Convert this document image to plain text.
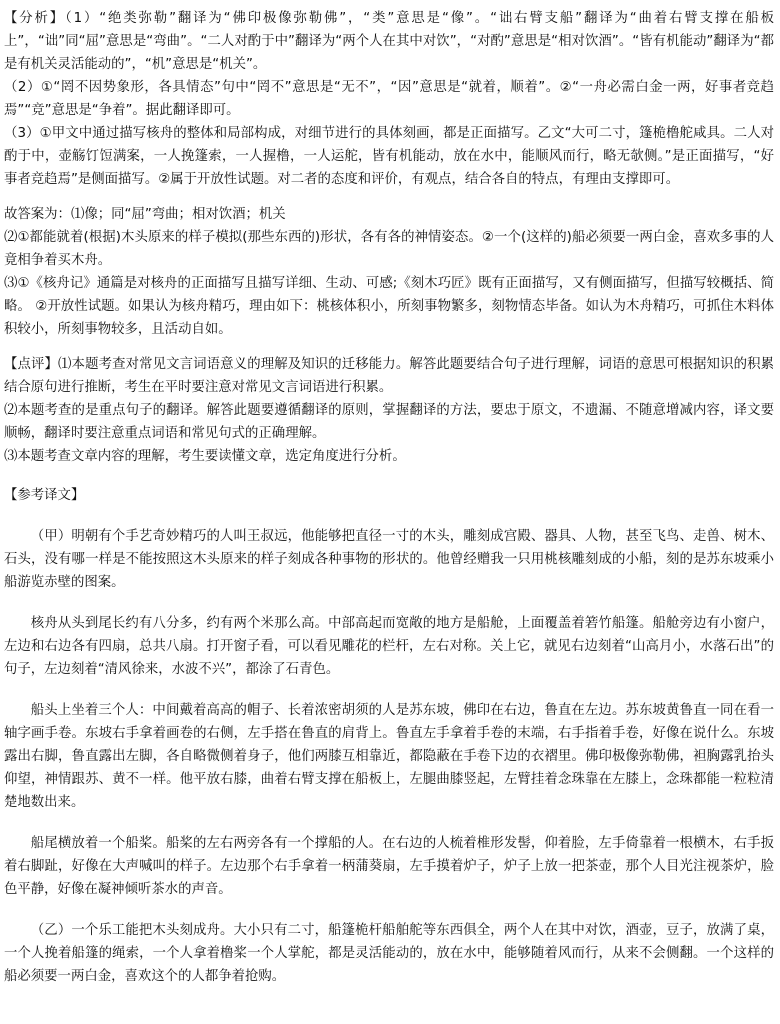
【分析】（1）“绝类弥勒”翻译为“佛印极像弥勒佛”，“类”意思是“像”。“诎右臂支船”翻译为“曲着右臂支撑在船板上”，“诎”同“屈”意思是“弯曲”。“二人对酌于中”翻译为“两个人在其中对饮”，“对酌”意思是“相对饮酒”。“皆有机能动”翻译为“都是有机关灵活能动的”，“机”意思是“机关”。

（2）①“罔不因势象形，各具情态”句中“罔不”意思是“无不”，“因”意思是“就着，顺着”。②“一舟必需白金一两，好事者竞趋焉”“竞”意思是“争着”。据此翻译即可。

（3）①甲文中通过描写核舟的整体和局部构成，对细节进行的具体刻画，都是正面描写。乙文“大可二寸，篷桅橹舵咸具。二人对酌于中，壶觞饤饾满案，一人挽篷索，一人握橹，一人运舵，皆有机能动，放在水中，能顺风而行，略无欹侧。”是正面描写，“好事者竞趋焉”是侧面描写。②属于开放性试题。对二者的态度和评价，有观点，结合各自的特点，有理由支撑即可。

故答案为：⑴像；同“屈”弯曲；相对饮酒；机关

⑵①都能就着(根据)木头原来的样子模拟(那些东西的)形状，各有各的神情姿态。②一个(这样的)船必须要一两白金，喜欢多事的人竟相争着买木舟。

⑶①《核舟记》通篇是对核舟的正面描写且描写详细、生动、可感;《刻木巧匠》既有正面描写，又有侧面描写，但描写较概括、简略。 ②开放性试题。如果认为核舟精巧，理由如下：桃核体积小，所刻事物繁多，刻物情态毕备。如认为木舟精巧，可抓住木料体积较小，所刻事物较多，且活动自如。

【点评】⑴本题考查对常见文言词语意义的理解及知识的迁移能力。解答此题要结合句子进行理解，词语的意思可根据知识的积累结合原句进行推断，考生在平时要注意对常见文言词语进行积累。

⑵本题考查的是重点句子的翻译。解答此题要遵循翻译的原则，掌握翻译的方法，要忠于原文，不遗漏、不随意增减内容，译文要顺畅，翻译时要注意重点词语和常见句式的正确理解。

⑶本题考查文章内容的理解，考生要读懂文章，选定角度进行分析。

【参考译文】

（甲）明朝有个手艺奇妙精巧的人叫王叔远，他能够把直径一寸的木头，雕刻成宫殿、器具、人物，甚至飞鸟、走兽、树木、石头，没有哪一样是不能按照这木头原来的样子刻成各种事物的形状的。他曾经赠我一只用桃核雕刻成的小船，刻的是苏东坡乘小船游览赤壁的图案。

核舟从头到尾长约有八分多，约有两个米那么高。中部高起而宽敞的地方是船舱，上面覆盖着箬竹船篷。船舱旁边有小窗户，左边和右边各有四扇，总共八扇。打开窗子看，可以看见雕花的栏杆，左右对称。关上它，就见右边刻着“山高月小，水落石出”的句子，左边刻着“清风徐来，水波不兴”，都涂了石青色。

船头上坐着三个人：中间戴着高高的帽子、长着浓密胡须的人是苏东坡，佛印在右边，鲁直在左边。苏东坡黄鲁直一同在看一轴字画手卷。东坡右手拿着画卷的右侧，左手搭在鲁直的肩背上。鲁直左手拿着手卷的末端，右手指着手卷，好像在说什么。东坡露出右脚，鲁直露出左脚，各自略微侧着身子，他们两膝互相靠近，都隐蔽在手卷下边的衣褶里。佛印极像弥勒佛，袒胸露乳抬头仰望，神情跟苏、黄不一样。他平放右膝，曲着右臂支撑在船板上，左腿曲膝竖起，左臂挂着念珠靠在左膝上，念珠都能一粒粒清楚地数出来。

船尾横放着一个船桨。船桨的左右两旁各有一个撑船的人。在右边的人梳着椎形发髻，仰着脸，左手倚靠着一根横木，右手扳着右脚趾，好像在大声喊叫的样子。左边那个右手拿着一柄蒲葵扇，左手摸着炉子，炉子上放一把茶壶，那个人目光注视茶炉，脸色平静，好像在凝神倾听茶水的声音。

（乙）一个乐工能把木头刻成舟。大小只有二寸，船篷桅杆船舶舵等东西俱全，两个人在其中对饮，酒壶，豆子，放满了桌，一个人挽着船篷的绳索，一个人拿着橹桨一个人掌舵，都是灵活能动的，放在水中，能够随着风而行，从来不会侧翻。一个这样的船必须要一两白金，喜欢这个的人都争着抢购。
